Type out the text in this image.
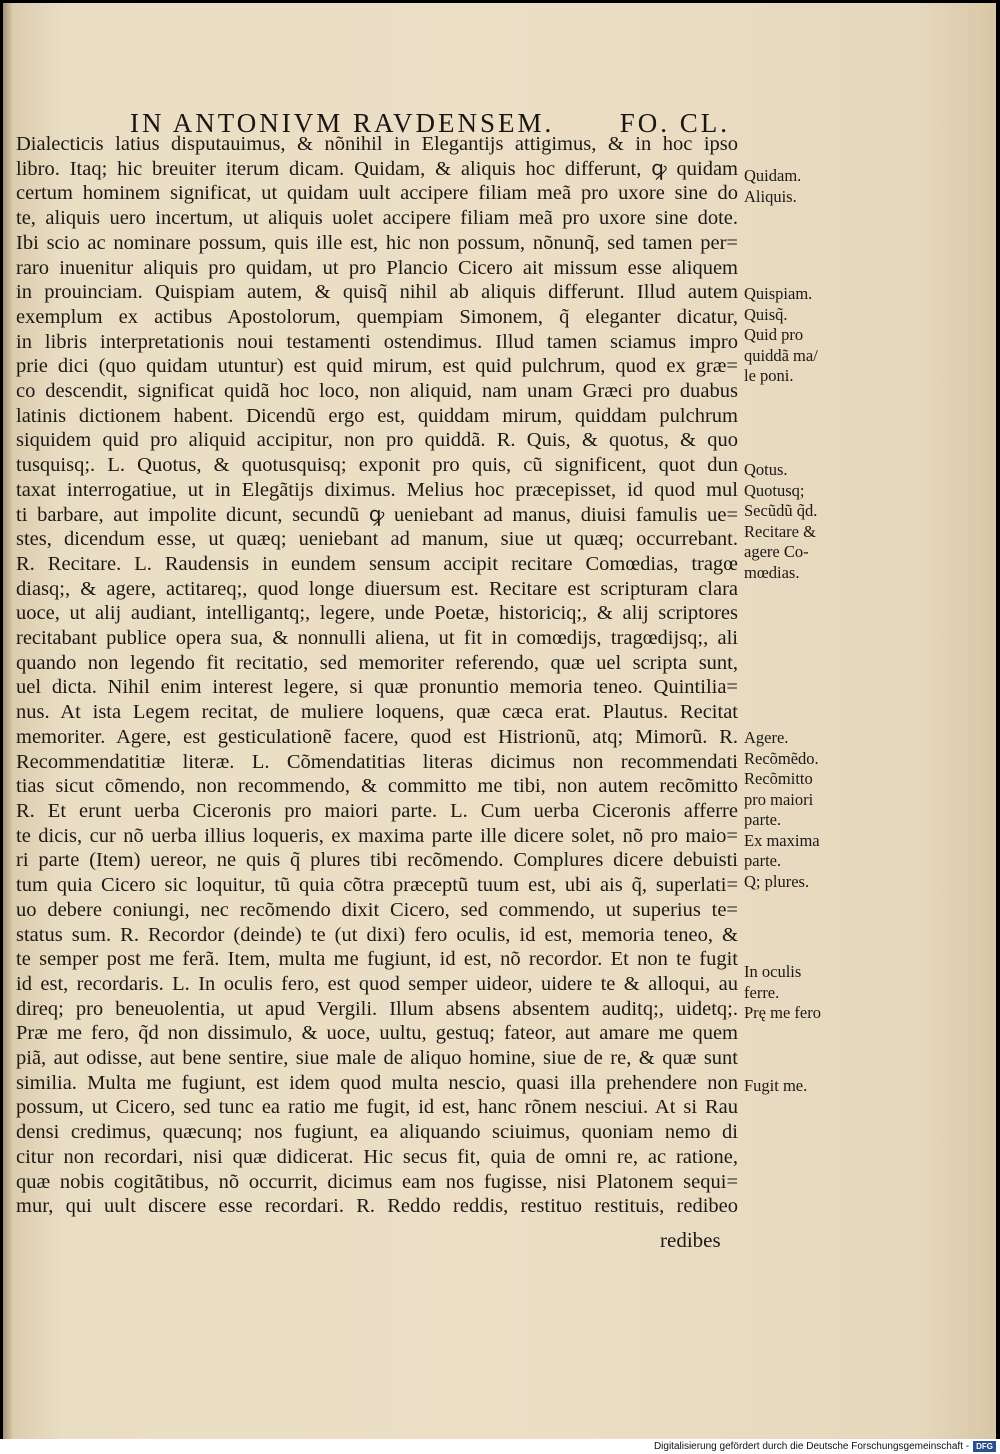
IN ANTONIVM RAVDENSEM. FO. CL.
Dialecticis latius disputauimus, & nõnihil in Elegantijs attigimus, & in hoc ipso
libro. Itaq; hic breuiter iterum dicam. Quidam, & aliquis hoc differunt, ꝙ quidam
certum hominem significat, ut quidam uult accipere filiam meã pro uxore sine do
te, aliquis uero incertum, ut aliquis uolet accipere filiam meã pro uxore sine dote.
Ibi scio ac nominare possum, quis ille est, hic non possum, nõnunq̃, sed tamen per=
raro inuenitur aliquis pro quidam, ut pro Plancio Cicero ait missum esse aliquem
in prouinciam. Quispiam autem, & quisq̃ nihil ab aliquis differunt. Illud autem
exemplum ex actibus Apostolorum, quempiam Simonem, q̃ eleganter dicatur,
in libris interpretationis noui testamenti ostendimus. Illud tamen sciamus impro
prie dici (quo quidam utuntur) est quid mirum, est quid pulchrum, quod ex græ=
co descendit, significat quidã hoc loco, non aliquid, nam unam Græci pro duabus
latinis dictionem habent. Dicendũ ergo est, quiddam mirum, quiddam pulchrum
siquidem quid pro aliquid accipitur, non pro quiddã. R. Quis, & quotus, & quo
tusquisq;. L. Quotus, & quotusquisq; exponit pro quis, cũ significent, quot dun
taxat interrogatiue, ut in Elegãtijs diximus. Melius hoc præcepisset, id quod mul
ti barbare, aut impolite dicunt, secundũ ꝙ ueniebant ad manus, diuisi famulis ue=
stes, dicendum esse, ut quæq; ueniebant ad manum, siue ut quæq; occurrebant.
R. Recitare. L. Raudensis in eundem sensum accipit recitare Comœdias, tragœ
diasq;, & agere, actitareq;, quod longe diuersum est. Recitare est scripturam clara
uoce, ut alij audiant, intelligantq;, legere, unde Poetæ, historiciq;, & alij scriptores
recitabant publice opera sua, & nonnulli aliena, ut fit in comœdijs, tragœdijsq;, ali
quando non legendo fit recitatio, sed memoriter referendo, quæ uel scripta sunt,
uel dicta. Nihil enim interest legere, si quæ pronuntio memoria teneo. Quintilia=
nus. At ista Legem recitat, de muliere loquens, quæ cæca erat. Plautus. Recitat
memoriter. Agere, est gesticulationẽ facere, quod est Histrionũ, atq; Mimorũ. R.
Recommendatitiæ literæ. L. Cõmendatitias literas dicimus non recommendati
tias sicut cõmendo, non recommendo, & committo me tibi, non autem recõmitto
R. Et erunt uerba Ciceronis pro maiori parte. L. Cum uerba Ciceronis afferre
te dicis, cur nõ uerba illius loqueris, ex maxima parte ille dicere solet, nõ pro maio=
ri parte (Item) uereor, ne quis q̃ plures tibi recõmendo. Complures dicere debuisti
tum quia Cicero sic loquitur, tũ quia cõtra præceptũ tuum est, ubi ais q̃, superlati=
uo debere coniungi, nec recõmendo dixit Cicero, sed commendo, ut superius te=
status sum. R. Recordor (deinde) te (ut dixi) fero oculis, id est, memoria teneo, &
te semper post me ferã. Item, multa me fugiunt, id est, nõ recordor. Et non te fugit
id est, recordaris. L. In oculis fero, est quod semper uideor, uidere te & alloqui, au
direq; pro beneuolentia, ut apud Vergili. Illum absens absentem auditq;, uidetq;.
Præ me fero, q̃d non dissimulo, & uoce, uultu, gestuq; fateor, aut amare me quem
piã, aut odisse, aut bene sentire, siue male de aliquo homine, siue de re, & quæ sunt
similia. Multa me fugiunt, est idem quod multa nescio, quasi illa prehendere non
possum, ut Cicero, sed tunc ea ratio me fugit, id est, hanc rõnem nesciui. At si Rau
densi credimus, quæcunq; nos fugiunt, ea aliquando sciuimus, quoniam nemo di
citur non recordari, nisi quæ didicerat. Hic secus fit, quia de omni re, ac ratione,
quæ nobis cogitãtibus, nõ occurrit, dicimus eam nos fugisse, nisi Platonem sequi=
mur, qui uult discere esse recordari. R. Reddo reddis, restituo restituis, redibeo
redibes
Quidam.
Aliquis.
Quispiam.
Quisq̃.
Quid pro
quiddã ma/
le poni.
Qotus.
Quotusq;
Secũdũ q̃d.
Recitare &
agere Co-
mœdias.
Agere.
Recõmẽdo.
Recõmitto
pro maiori
parte.
Ex maxima
parte.
Q; plures.
In oculis
ferre.
Prę me fero
Fugit me.
Digitalisierung gefördert durch die Deutsche Forschungsgemeinschaft - DFG
